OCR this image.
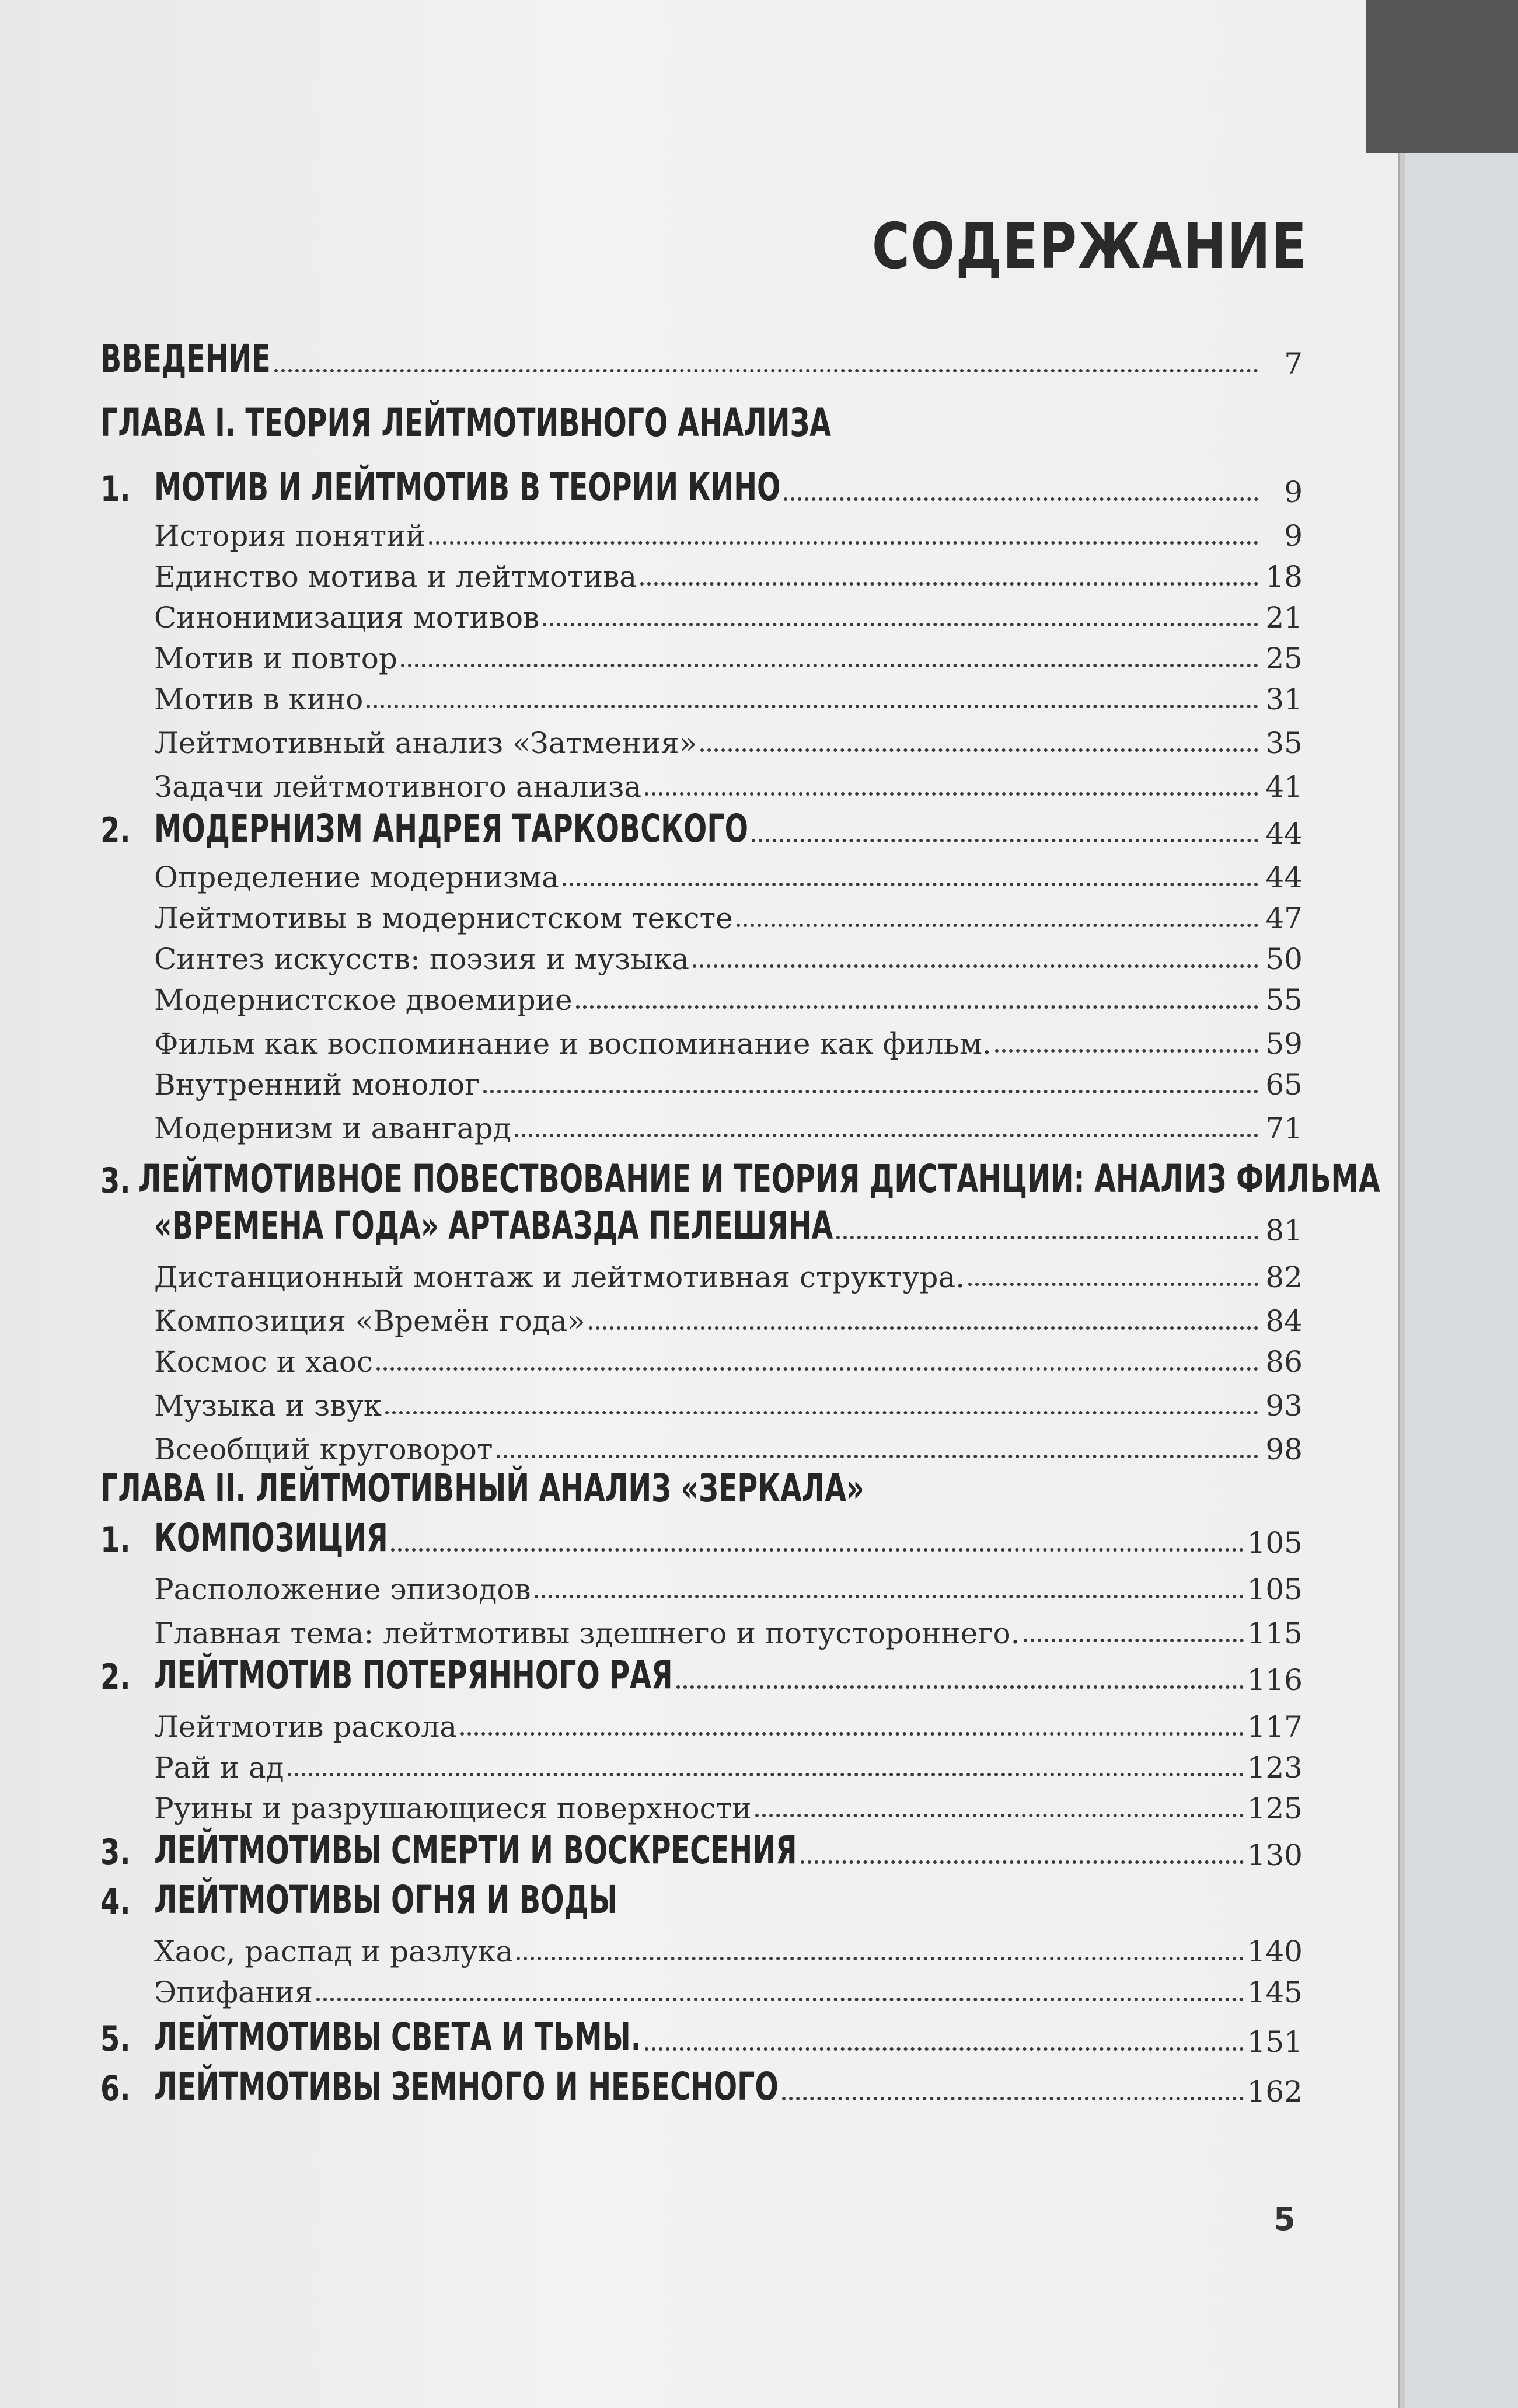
СОДЕРЖАНИЕ
ВВЕДЕНИЕ	7
ГЛАВА I. ТЕОРИЯ ЛЕЙТМОТИВНОГО АНАЛИЗА
1. МОТИВ И ЛЕЙТМОТИВ В ТЕОРИИ КИНО	9
История понятий	9
Единство мотива и лейтмотива	18
Синонимизация мотивов	21
Мотив и повтор	25
Мотив в кино	31
Лейтмотивный анализ «Затмения»	35
Задачи лейтмотивного анализа	41
2. МОДЕРНИЗМ АНДРЕЯ ТАРКОВСКОГО	44
Определение модернизма	44
Лейтмотивы в модернистском тексте	47
Синтез искусств: поэзия и музыка	50
Модернистское двоемирие	55
Фильм как воспоминание и воспоминание как фильм.	59
Внутренний монолог	65
Модернизм и авангард	71
3. ЛЕЙТМОТИВНОЕ ПОВЕСТВОВАНИЕ И ТЕОРИЯ ДИСТАНЦИИ: АНАЛИЗ ФИЛЬМА
«ВРЕМЕНА ГОДА» АРТАВАЗДА ПЕЛЕШЯНА	81
Дистанционный монтаж и лейтмотивная структура.	82
Композиция «Времён года»	84
Космос и хаос	86
Музыка и звук	93
Всеобщий круговорот	98
ГЛАВА II. ЛЕЙТМОТИВНЫЙ АНАЛИЗ «ЗЕРКАЛА»
1. КОМПОЗИЦИЯ	105
Расположение эпизодов	105
Главная тема: лейтмотивы здешнего и потустороннего.	115
2. ЛЕЙТМОТИВ ПОТЕРЯННОГО РАЯ	116
Лейтмотив раскола	117
Рай и ад	123
Руины и разрушающиеся поверхности	125
3. ЛЕЙТМОТИВЫ СМЕРТИ И ВОСКРЕСЕНИЯ	130
4. ЛЕЙТМОТИВЫ ОГНЯ И ВОДЫ
Хаос, распад и разлука	140
Эпифания	145
5. ЛЕЙТМОТИВЫ СВЕТА И ТЬМЫ.	151
6. ЛЕЙТМОТИВЫ ЗЕМНОГО И НЕБЕСНОГО	162
5
